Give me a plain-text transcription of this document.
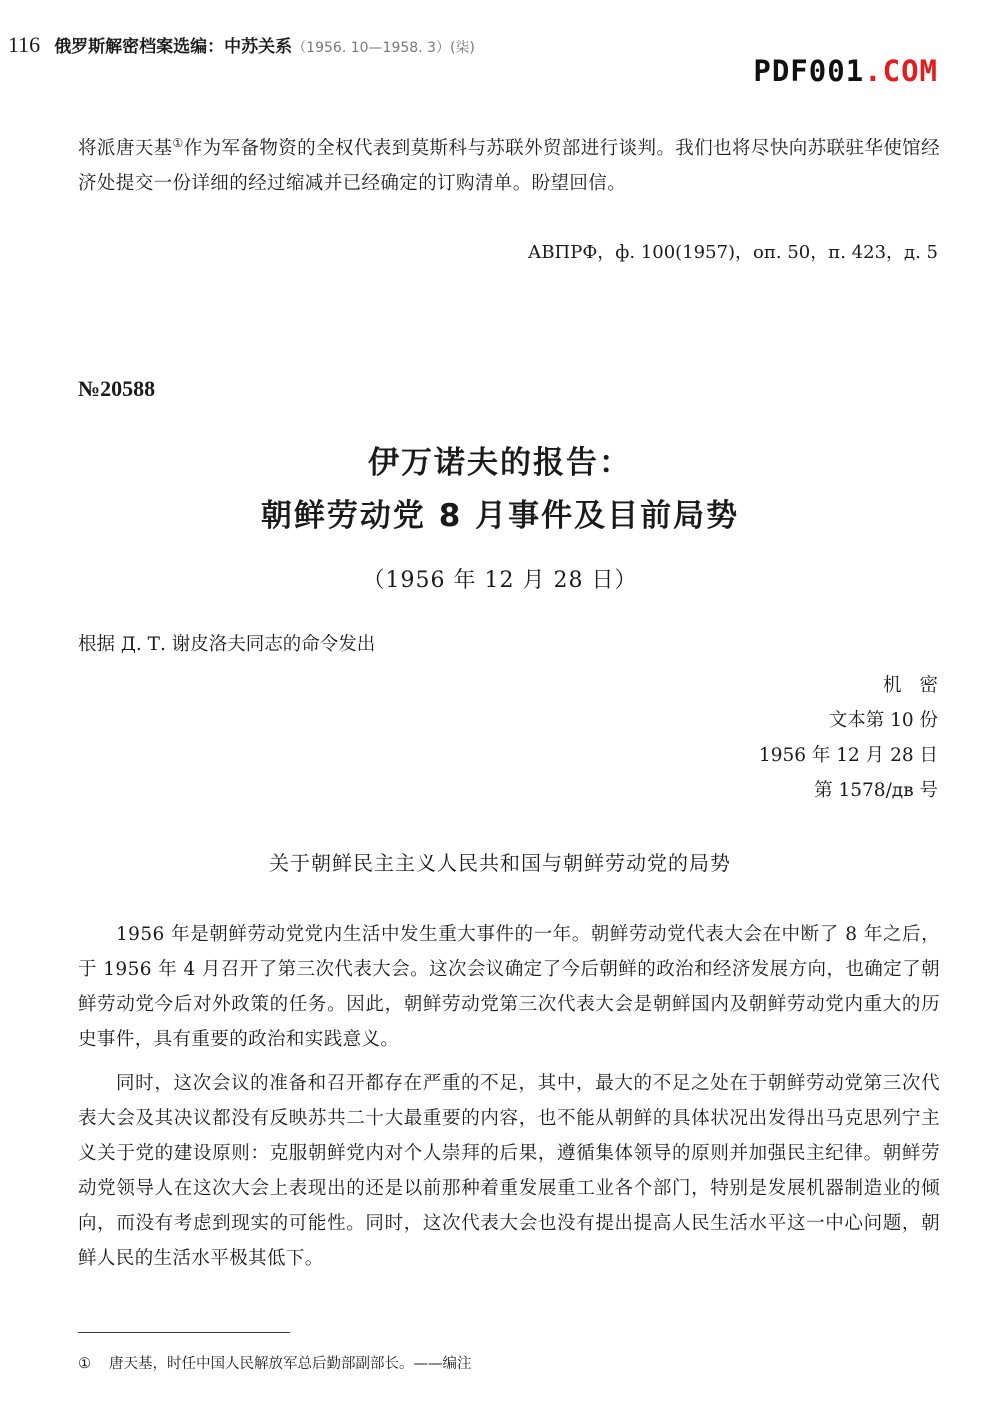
116 俄罗斯解密档案选编：中苏关系（1956. 10—1958. 3）(柒)
PDF001.COM
将派唐天基①作为军备物资的全权代表到莫斯科与苏联外贸部进行谈判。我们也将尽快向苏联驻华使馆经济处提交一份详细的经过缩减并已经确定的订购清单。盼望回信。
АВПРФ，ф. 100(1957)，оп. 50，п. 423，д. 5
№20588
伊万诺夫的报告：
朝鲜劳动党 8 月事件及目前局势
（1956 年 12 月 28 日）
根据 Д. Т. 谢皮洛夫同志的命令发出
机密
文本第 10 份
1956 年 12 月 28 日
第 1578/дв 号
关于朝鲜民主主义人民共和国与朝鲜劳动党的局势
1956 年是朝鲜劳动党党内生活中发生重大事件的一年。朝鲜劳动党代表大会在中断了 8 年之后，于 1956 年 4 月召开了第三次代表大会。这次会议确定了今后朝鲜的政治和经济发展方向，也确定了朝鲜劳动党今后对外政策的任务。因此，朝鲜劳动党第三次代表大会是朝鲜国内及朝鲜劳动党内重大的历史事件，具有重要的政治和实践意义。
同时，这次会议的准备和召开都存在严重的不足，其中，最大的不足之处在于朝鲜劳动党第三次代表大会及其决议都没有反映苏共二十大最重要的内容，也不能从朝鲜的具体状况出发得出马克思列宁主义关于党的建设原则：克服朝鲜党内对个人崇拜的后果，遵循集体领导的原则并加强民主纪律。朝鲜劳动党领导人在这次大会上表现出的还是以前那种着重发展重工业各个部门，特别是发展机器制造业的倾向，而没有考虑到现实的可能性。同时，这次代表大会也没有提出提高人民生活水平这一中心问题，朝鲜人民的生活水平极其低下。
① 唐天基，时任中国人民解放军总后勤部副部长。——编注
